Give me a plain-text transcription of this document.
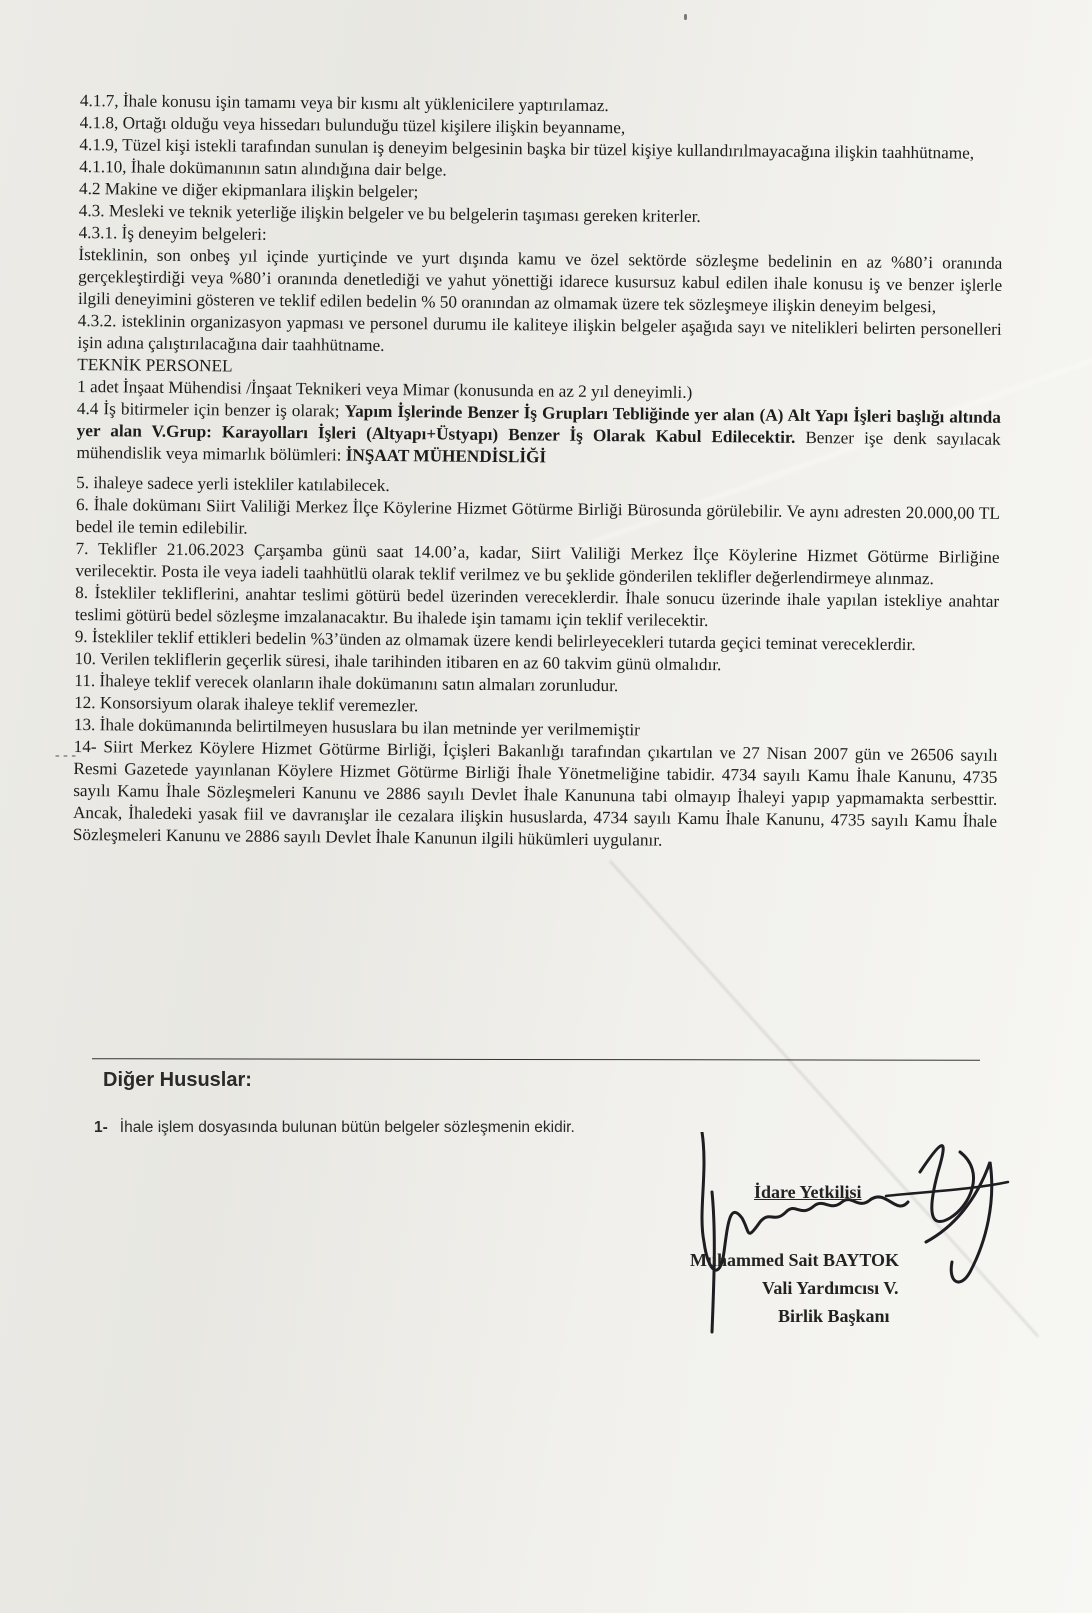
4.1.7, İhale konusu işin tamamı veya bir kısmı alt yüklenicilere yaptırılamaz.

4.1.8, Ortağı olduğu veya hissedarı bulunduğu tüzel kişilere ilişkin beyanname,

4.1.9, Tüzel kişi istekli tarafından sunulan iş deneyim belgesinin başka bir tüzel kişiye kullandırılmayacağına ilişkin taahhütname,

4.1.10, İhale dokümanının satın alındığına dair belge.

4.2 Makine ve diğer ekipmanlara ilişkin belgeler;

4.3. Mesleki ve teknik yeterliğe ilişkin belgeler ve bu belgelerin taşıması gereken kriterler.

4.3.1. İş deneyim belgeleri:

İsteklinin, son onbeş yıl içinde yurtiçinde ve yurt dışında kamu ve özel sektörde sözleşme bedelinin en az %80’i oranında gerçekleştirdiği veya %80’i oranında denetlediği ve yahut yönettiği idarece kusursuz kabul edilen ihale konusu iş ve benzer işlerle ilgili deneyimini gösteren ve teklif edilen bedelin % 50 oranından az olmamak üzere tek sözleşmeye ilişkin deneyim belgesi,

4.3.2. isteklinin organizasyon yapması ve personel durumu ile kaliteye ilişkin belgeler aşağıda sayı ve nitelikleri belirten personelleri işin adına çalıştırılacağına dair taahhütname.

TEKNİK PERSONEL

1 adet İnşaat Mühendisi /İnşaat Teknikeri veya Mimar (konusunda en az 2 yıl deneyimli.)

4.4 İş bitirmeler için benzer iş olarak; Yapım İşlerinde Benzer İş Grupları Tebliğinde yer alan (A) Alt Yapı İşleri başlığı altında yer alan V.Grup: Karayolları İşleri (Altyapı+Üstyapı) Benzer İş Olarak Kabul Edilecektir. Benzer işe denk sayılacak mühendislik veya mimarlık bölümleri: İNŞAAT MÜHENDİSLİĞİ

5. ihaleye sadece yerli istekliler katılabilecek.

6. İhale dokümanı Siirt Valiliği Merkez İlçe Köylerine Hizmet Götürme Birliği Bürosunda görülebilir. Ve aynı adresten 20.000,00 TL bedel ile temin edilebilir.

7. Teklifler 21.06.2023 Çarşamba günü saat 14.00’a, kadar, Siirt Valiliği Merkez İlçe Köylerine Hizmet Götürme Birliğine verilecektir. Posta ile veya iadeli taahhütlü olarak teklif verilmez ve bu şeklide gönderilen teklifler değerlendirmeye alınmaz.

8. İstekliler tekliflerini, anahtar teslimi götürü bedel üzerinden vereceklerdir. İhale sonucu üzerinde ihale yapılan istekliye anahtar teslimi götürü bedel sözleşme imzalanacaktır. Bu ihalede işin tamamı için teklif verilecektir.

9. İstekliler teklif ettikleri bedelin %3’ünden az olmamak üzere kendi belirleyecekleri tutarda geçici teminat vereceklerdir.

10. Verilen tekliflerin geçerlik süresi, ihale tarihinden itibaren en az 60 takvim günü olmalıdır.

11. İhaleye teklif verecek olanların ihale dokümanını satın almaları zorunludur.

12. Konsorsiyum olarak ihaleye teklif veremezler.

13. İhale dokümanında belirtilmeyen hususlara bu ilan metninde yer verilmemiştir

14- Siirt Merkez Köylere Hizmet Götürme Birliği, İçişleri Bakanlığı tarafından çıkartılan ve 27 Nisan 2007 gün ve 26506 sayılı Resmi Gazetede yayınlanan Köylere Hizmet Götürme Birliği İhale Yönetmeliğine tabidir. 4734 sayılı Kamu İhale Kanunu, 4735 sayılı Kamu İhale Sözleşmeleri Kanunu ve 2886 sayılı Devlet İhale Kanununa tabi olmayıp İhaleyi yapıp yapmamakta serbesttir. Ancak, İhaledeki yasak fiil ve davranışlar ile cezalara ilişkin hususlarda, 4734 sayılı Kamu İhale Kanunu, 4735 sayılı Kamu İhale Sözleşmeleri Kanunu ve 2886 sayılı Devlet İhale Kanunun ilgili hükümleri uygulanır.

- ‐ ‐
Diğer Hususlar:
1- İhale işlem dosyasında bulunan bütün belgeler sözleşmenin ekidir.
İdare Yetkilisi
Muhammed Sait BAYTOK
Vali Yardımcısı V.
Birlik Başkanı
